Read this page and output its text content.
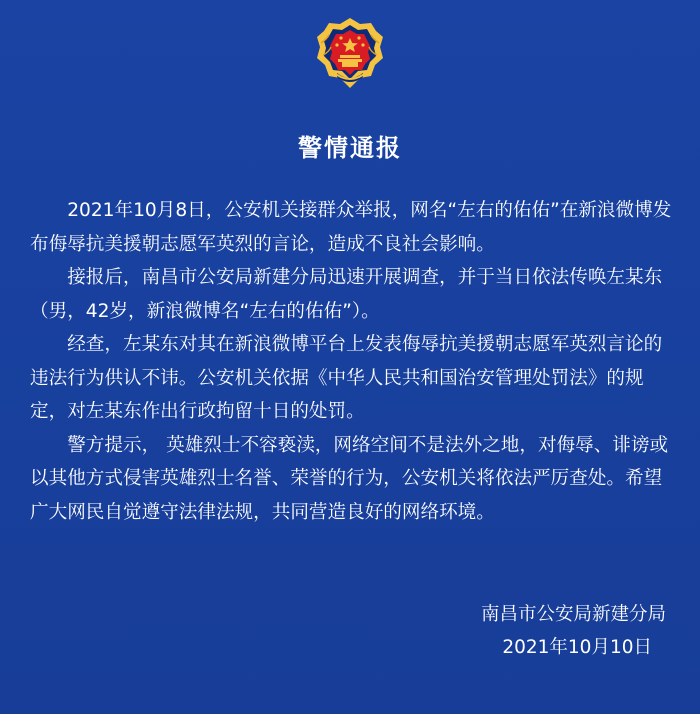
警情通报

2021年10月8日，公安机关接群众举报，网名“左右的佑佑”在新浪微博发布侮辱抗美援朝志愿军英烈的言论，造成不良社会影响。

接报后，南昌市公安局新建分局迅速开展调查，并于当日依法传唤左某东（男，42岁，新浪微博名“左右的佑佑”）。

经查，左某东对其在新浪微博平台上发表侮辱抗美援朝志愿军英烈言论的违法行为供认不讳。公安机关依据《中华人民共和国治安管理处罚法》的规定，对左某东作出行政拘留十日的处罚。

警方提示， 英雄烈士不容亵渎，网络空间不是法外之地，对侮辱、诽谤或以其他方式侵害英雄烈士名誉、荣誉的行为，公安机关将依法严厉查处。希望广大网民自觉遵守法律法规，共同营造良好的网络环境。

南昌市公安局新建分局
2021年10月10日
